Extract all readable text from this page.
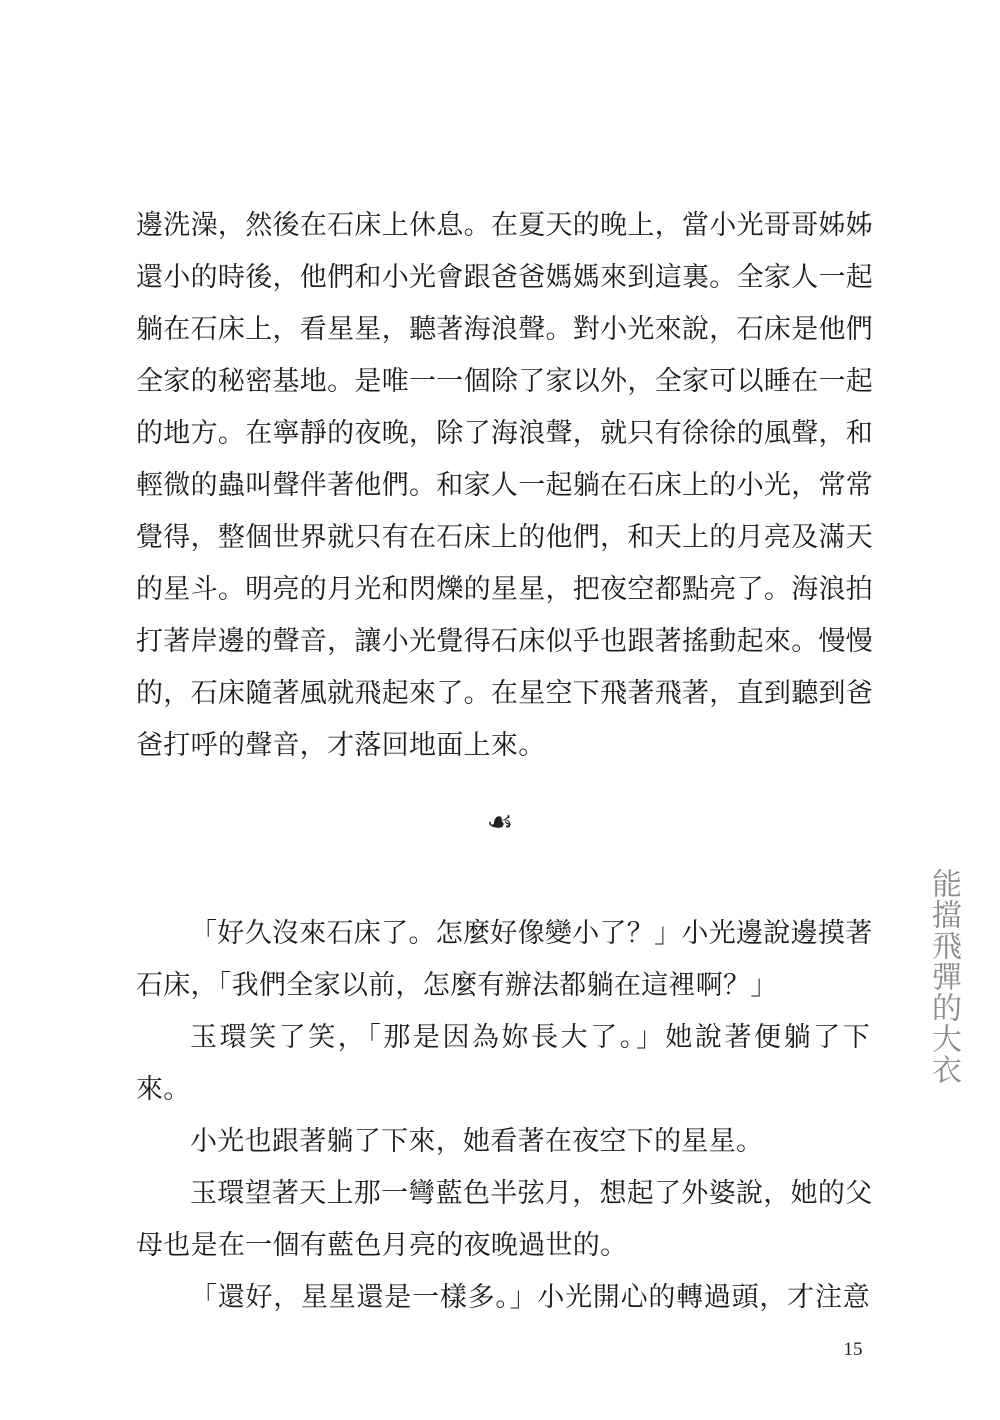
邊洗澡，然後在石床上休息。在夏天的晚上，當小光哥哥姊姊
還小的時後，他們和小光會跟爸爸媽媽來到這裏。全家人一起
躺在石床上，看星星，聽著海浪聲。對小光來說，石床是他們
全家的秘密基地。是唯一一個除了家以外，全家可以睡在一起
的地方。在寧靜的夜晚，除了海浪聲，就只有徐徐的風聲，和
輕微的蟲叫聲伴著他們。和家人一起躺在石床上的小光，常常
覺得，整個世界就只有在石床上的他們，和天上的月亮及滿天
的星斗。明亮的月光和閃爍的星星，把夜空都點亮了。海浪拍
打著岸邊的聲音，讓小光覺得石床似乎也跟著搖動起來。慢慢
的，石床隨著風就飛起來了。在星空下飛著飛著，直到聽到爸
爸打呼的聲音，才落回地面上來。
☙
「好久沒來石床了。怎麼好像變小了？」小光邊說邊摸著
石床，「我們全家以前，怎麼有辦法都躺在這裡啊？」
玉環笑了笑，「那是因為妳長大了。」她說著便躺了下
來。
小光也跟著躺了下來，她看著在夜空下的星星。
玉環望著天上那一彎藍色半弦月，想起了外婆說，她的父
母也是在一個有藍色月亮的夜晚過世的。
「還好，星星還是一樣多。」小光開心的轉過頭，才注意
能擋飛彈的大衣
15
